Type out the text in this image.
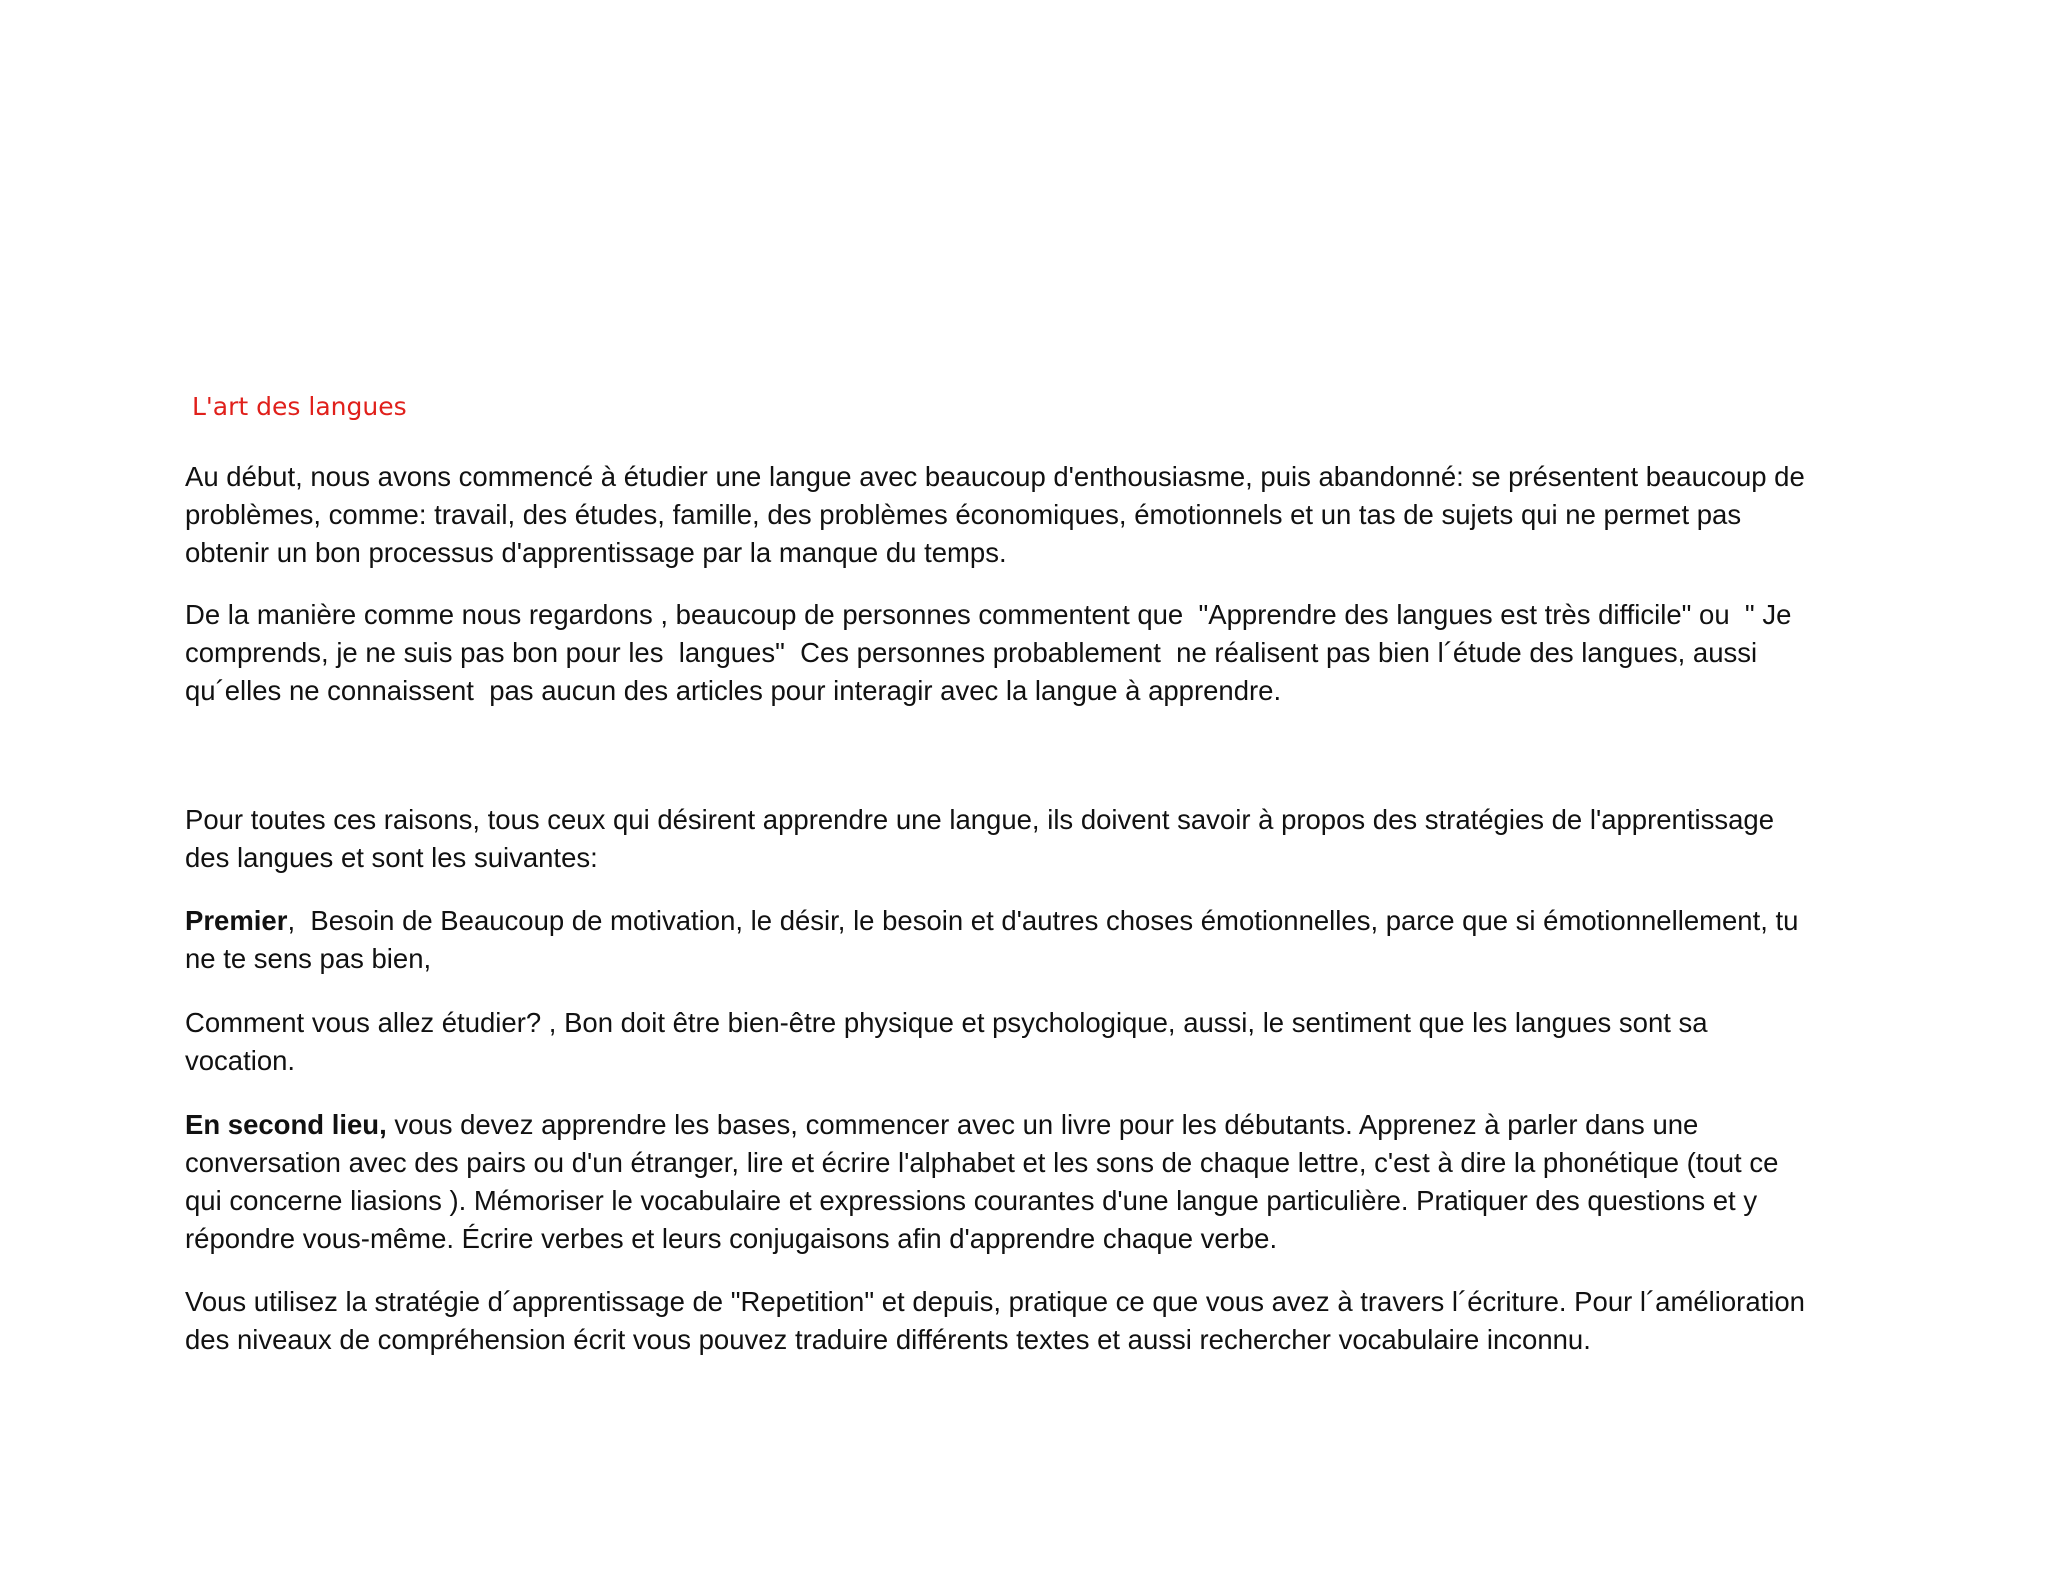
L'art des langues

Au début, nous avons commencé à étudier une langue avec beaucoup d'enthousiasme, puis abandonné: se présentent beaucoup de
problèmes, comme: travail, des études, famille, des problèmes économiques, émotionnels et un tas de sujets qui ne permet pas
obtenir un bon processus d'apprentissage par la manque du temps.

De la manière comme nous regardons , beaucoup de personnes commentent que  "Apprendre des langues est très difficile" ou  " Je
comprends, je ne suis pas bon pour les  langues"  Ces personnes probablement  ne réalisent pas bien l´étude des langues, aussi
qu´elles ne connaissent  pas aucun des articles pour interagir avec la langue à apprendre.

Pour toutes ces raisons, tous ceux qui désirent apprendre une langue, ils doivent savoir à propos des stratégies de l'apprentissage
des langues et sont les suivantes:

Premier,  Besoin de Beaucoup de motivation, le désir, le besoin et d'autres choses émotionnelles, parce que si émotionnellement, tu
ne te sens pas bien,

Comment vous allez étudier? , Bon doit être bien-être physique et psychologique, aussi, le sentiment que les langues sont sa
vocation.

En second lieu, vous devez apprendre les bases, commencer avec un livre pour les débutants. Apprenez à parler dans une
conversation avec des pairs ou d'un étranger, lire et écrire l'alphabet et les sons de chaque lettre, c'est à dire la phonétique (tout ce
qui concerne liasions ). Mémoriser le vocabulaire et expressions courantes d'une langue particulière. Pratiquer des questions et y
répondre vous-même. Écrire verbes et leurs conjugaisons afin d'apprendre chaque verbe.

Vous utilisez la stratégie d´apprentissage de "Repetition" et depuis, pratique ce que vous avez à travers l´écriture. Pour l´amélioration
des niveaux de compréhension écrit vous pouvez traduire différents textes et aussi rechercher vocabulaire inconnu.
